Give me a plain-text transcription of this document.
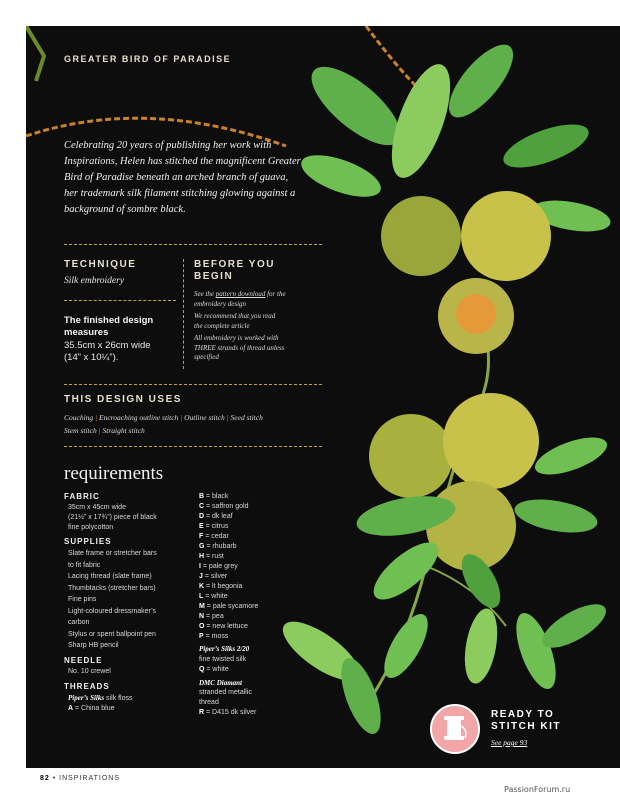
GREATER BIRD OF PARADISE
Celebrating 20 years of publishing her work with Inspirations, Helen has stitched the magnificent Greater Bird of Paradise beneath an arched branch of guava, her trademark silk filament stitching glowing against a background of sombre black.
TECHNIQUE
Silk embroidery
The finished design
measures
35.5cm x 26cm wide
(14” x 10¼”).
BEFORE YOU
BEGIN
See the pattern download for the
embroidery design
We recommend that you read
the complete article
All embroidery is worked with
THREE strands of thread unless
specified
THIS DESIGN USES
Couching | Encroaching outline stitch | Outline stitch | Seed stitch
Stem stitch | Straight stitch
requirements
FABRIC
35cm x 45cm wide
(21½” x 17¾”) piece of black
fine polycotton
SUPPLIES
Slate frame or stretcher bars
to fit fabric
Lacing thread (slate frame)
Thumbtacks (stretcher bars)
Fine pins
Light-coloured dressmaker’s
carbon
Stylus or spent ballpoint pen
Sharp HB pencil
NEEDLE
No. 10 crewel
THREADS
Piper’s Silks silk floss
A = China blue
B = black
C = saffron gold
D = dk leaf
E = citrus
F = cedar
G = rhubarb
H = rust
I = pale grey
J = silver
K = lt begonia
L = white
M = pale sycamore
N = pea
O = new lettuce
P = moss
Piper’s Silks 2/20
fine twisted silk
Q = white
DMC Diamant
stranded metallic
thread
R = D415 dk silver	READY TO
STITCH KIT
See page 93
82 • INSPIRATIONS
PassionForum.ru
